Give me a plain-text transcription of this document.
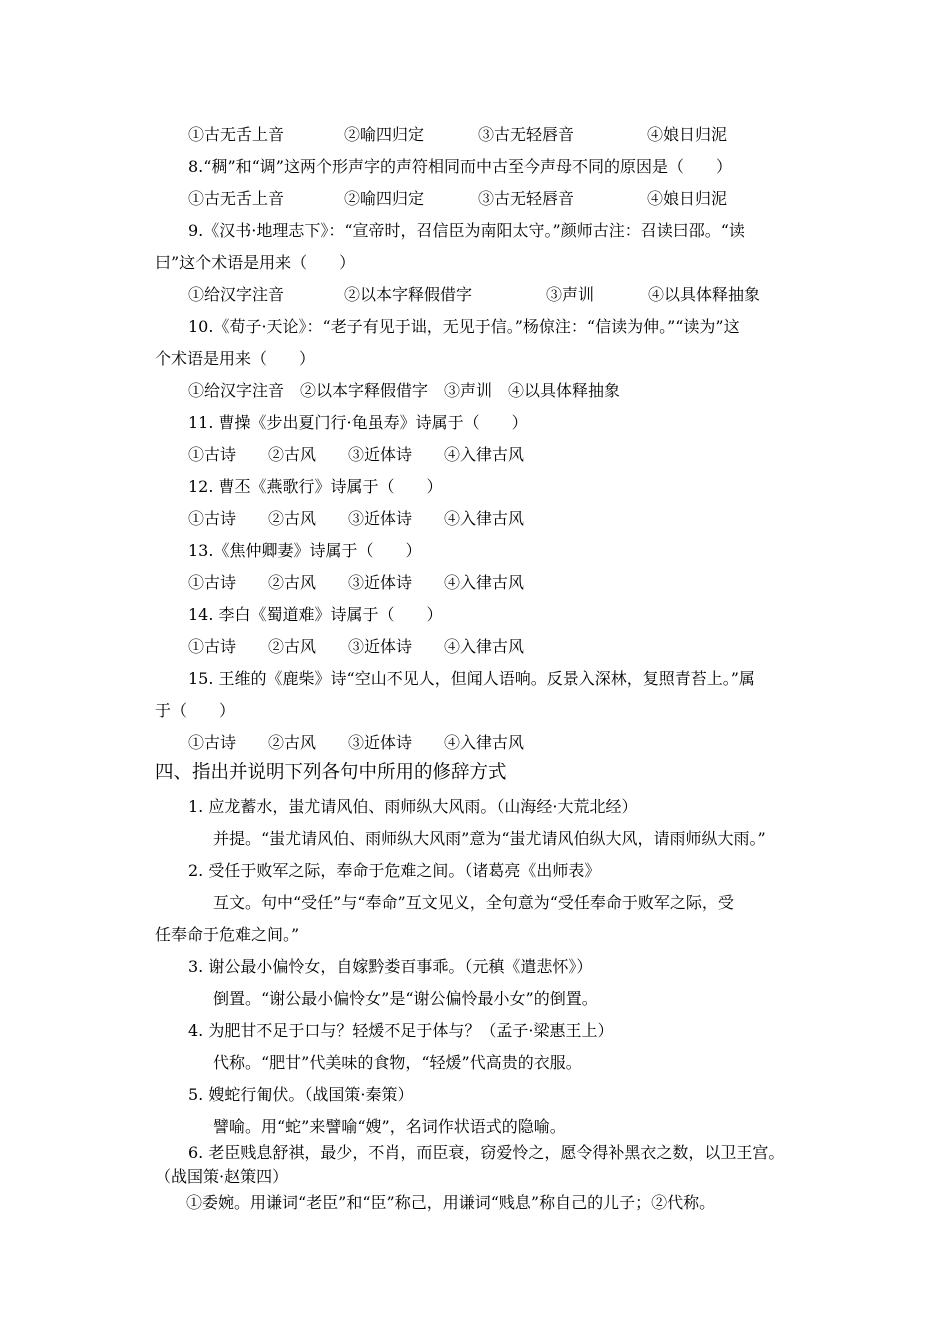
①古无舌上音	②喻四归定	③古无轻唇音	④娘日归泥
8.“稠”和“调”这两个形声字的声符相同而中古至今声母不同的原因是（　　）
①古无舌上音	②喻四归定	③古无轻唇音	④娘日归泥
9.《汉书·地理志下》：“宣帝时，召信臣为南阳太守。”颜师古注：召读曰邵。“读
曰”这个术语是用来（　　）
①给汉字注音	②以本字释假借字	③声训	④以具体释抽象
10.《荀子·天论》：“老子有见于诎，无见于信。”杨倞注：“信读为伸。”“读为”这
个术语是用来（　　）
①给汉字注音　②以本字释假借字　③声训　④以具体释抽象
11. 曹操《步出夏门行·龟虽寿》诗属于（　　）
①古诗　　②古风　　③近体诗　　④入律古风
12. 曹丕《燕歌行》诗属于（　　）
①古诗　　②古风　　③近体诗　　④入律古风
13.《焦仲卿妻》诗属于（　　）
①古诗　　②古风　　③近体诗　　④入律古风
14. 李白《蜀道难》诗属于（　　）
①古诗　　②古风　　③近体诗　　④入律古风
15. 王维的《鹿柴》诗“空山不见人，但闻人语响。反景入深林，复照青苔上。”属
于（　　）
①古诗　　②古风　　③近体诗　　④入律古风
四、指出并说明下列各句中所用的修辞方式
1. 应龙蓄水，蚩尤请风伯、雨师纵大风雨。（山海经·大荒北经）
并提。“蚩尤请风伯、雨师纵大风雨”意为“蚩尤请风伯纵大风，请雨师纵大雨。”
2. 受任于败军之际，奉命于危难之间。（诸葛亮《出师表》
互文。句中“受任”与“奉命”互文见义，全句意为“受任奉命于败军之际，受
任奉命于危难之间。”
3. 谢公最小偏怜女，自嫁黔娄百事乖。（元稹《遣悲怀》）
倒置。“谢公最小偏怜女”是“谢公偏怜最小女”的倒置。
4. 为肥甘不足于口与？轻煖不足于体与？（孟子·梁惠王上）
代称。“肥甘”代美味的食物，“轻煖”代高贵的衣服。
5. 嫂蛇行匍伏。（战国策·秦策）
譬喻。用“蛇”来譬喻“嫂”，名词作状语式的隐喻。
6. 老臣贱息舒祺，最少，不肖，而臣衰，窃爱怜之，愿令得补黑衣之数，以卫王宫。
（战国策·赵策四）
①委婉。用谦词“老臣”和“臣”称己，用谦词“贱息”称自己的儿子；②代称。
